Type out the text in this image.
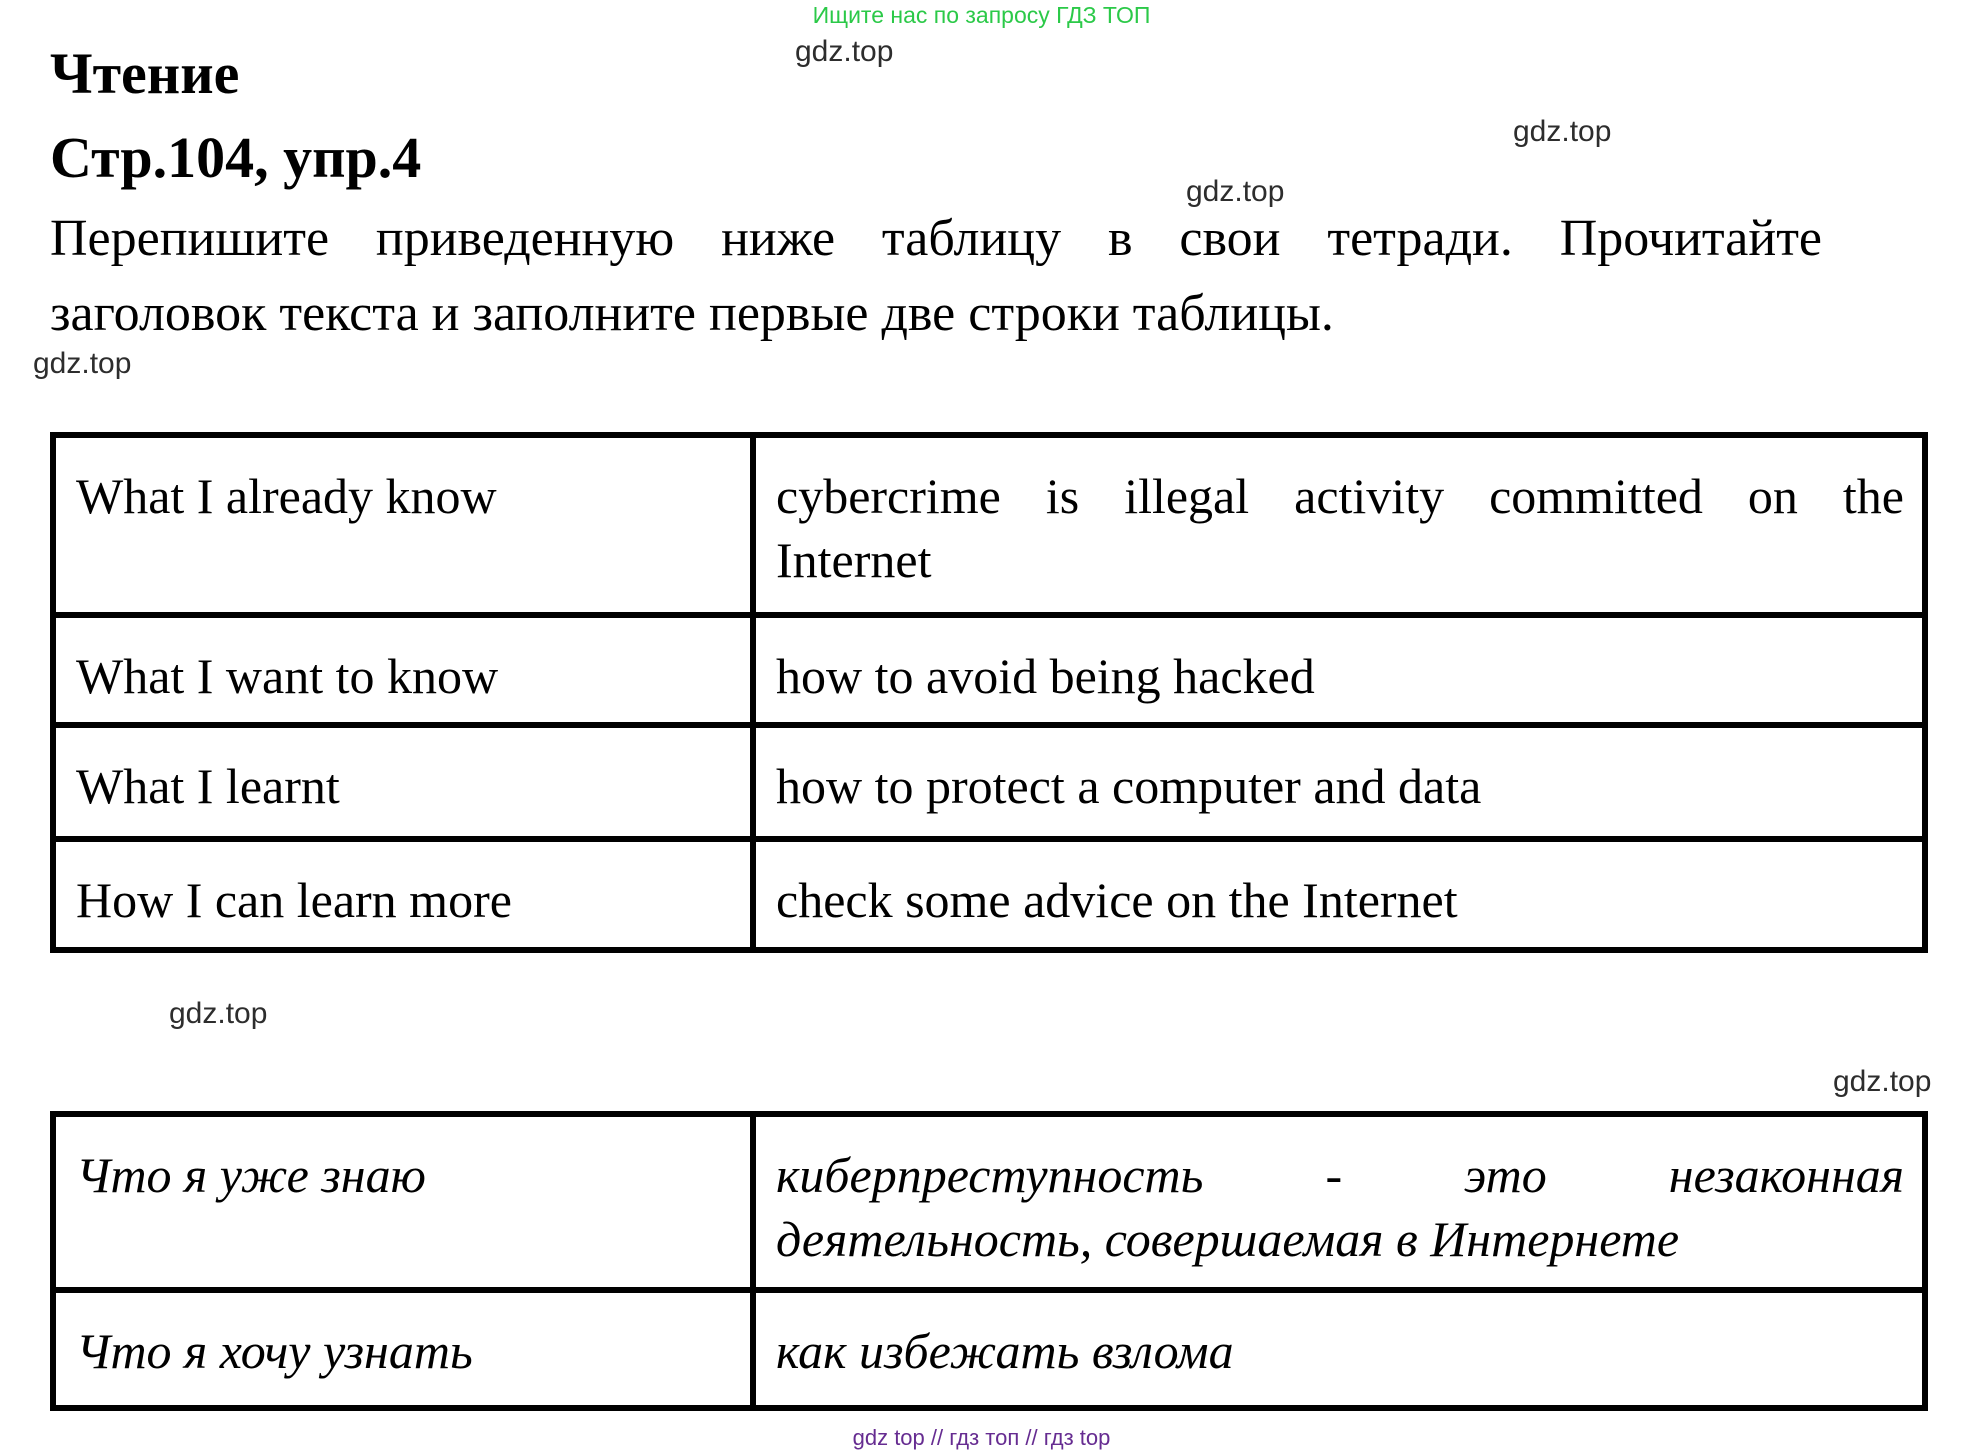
Ищите нас по запросу ГДЗ ТОП
gdz.top
gdz.top
gdz.top
gdz.top
gdz.top
gdz.top
Чтение
Стр.104, упр.4
Перепишите приведенную ниже таблицу в свои тетради. Прочитайте
заголовок текста и заполните первые две строки таблицы.
What I already know	cybercrime is illegal activity committed on the
Internet

What I want to know	how to avoid being hacked

What I learnt	how to protect a computer and data

How I can learn more	check some advice on the Internet
Что я уже знаю	киберпреступность - это незаконная
деятельность, совершаемая в Интернете

Что я хочу узнать	как избежать взлома
gdz top // гдз топ // гдз top
